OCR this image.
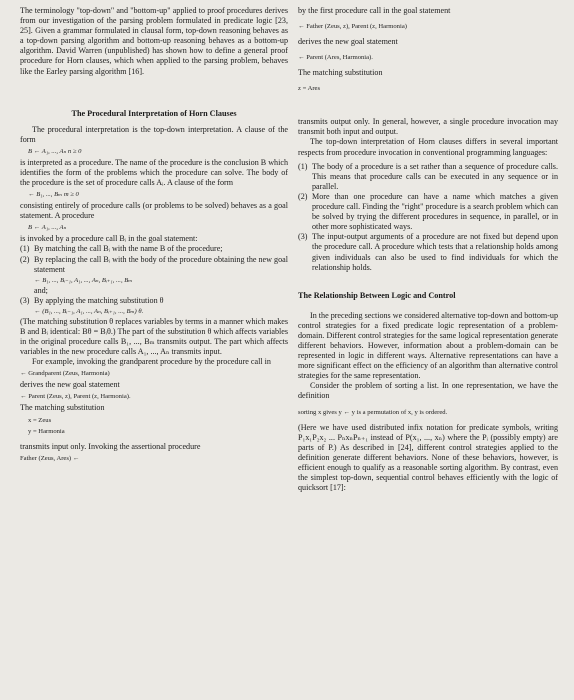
The terminology "top-down" and "bottom-up" applied to proof procedures derives from our investigation of the parsing problem formulated in predicate logic [23, 25]. Given a grammar formulated in clausal form, top-down reasoning behaves as a top-down parsing algorithm and bottom-up reasoning behaves as a bottom-up algorithm. David Warren (unpublished) has shown how to define a general proof procedure for Horn clauses, which when applied to the parsing problem, behaves like the Earley parsing algorithm [16].

The Procedural Interpretation of Horn Clauses

The procedural interpretation is the top-down interpretation. A clause of the form

B ← A₁, ..., Aₙ n ≥ 0

is interpreted as a procedure. The name of the procedure is the conclusion B which identifies the form of the problems which the procedure can solve. The body of the procedure is the set of procedure calls Aᵢ. A clause of the form

← B₁, ..., Bₘ m ≥ 0

consisting entirely of procedure calls (or problems to be solved) behaves as a goal statement. A procedure

B ← A₁, ..., Aₙ

is invoked by a procedure call Bᵢ in the goal statement:

(1) By matching the call Bᵢ with the name B of the procedure;
(2) By replacing the call Bᵢ with the body of the procedure obtaining the new goal statement
← B₁, ..., Bᵢ₋₁, A₁, ..., Aₙ, Bᵢ₊₁, ..., Bₘ
and;
(3) By applying the matching substitution θ
← (B₁, ..., Bᵢ₋₁, A₁, ..., Aₙ, Bᵢ₊₁, ..., Bₘ) θ.

(The matching substitution θ replaces variables by terms in a manner which makes B and Bᵢ identical: Bθ = Bᵢθ.) The part of the substitution θ which affects variables in the original procedure calls B₁, ..., Bₘ transmits output. The part which affects variables in the new procedure calls A₁, ..., Aₙ transmits input.

For example, invoking the grandparent procedure by the procedure call in

← Grandparent (Zeus, Harmonia)

derives the new goal statement

← Parent (Zeus, z), Parent (z, Harmonia).

The matching substitution

x = Zeus
y = Harmonia

transmits input only. Invoking the assertional procedure

Father (Zeus, Ares) ←

by the first procedure call in the goal statement

← Father (Zeus, z), Parent (z, Harmonia)

derives the new goal statement

← Parent (Ares, Harmonia).

The matching substitution

z = Ares

transmits output only. In general, however, a single procedure invocation may transmit both input and output.

The top-down interpretation of Horn clauses differs in several important respects from procedure invocation in conventional programming languages:

(1) The body of a procedure is a set rather than a sequence of procedure calls. This means that procedure calls can be executed in any sequence or in parallel.
(2) More than one procedure can have a name which matches a given procedure call. Finding the "right" procedure is a search problem which can be solved by trying the different procedures in sequence, in parallel, or in other more sophisticated ways.
(3) The input-output arguments of a procedure are not fixed but depend upon the procedure call. A procedure which tests that a relationship holds among given individuals can also be used to find individuals for which the relationship holds.
The Relationship Between Logic and Control

In the preceding sections we considered alternative top-down and bottom-up control strategies for a fixed predicate logic representation of a problem-domain. Different control strategies for the same logical representation generate different behaviors. However, information about a problem-domain can be represented in logic in different ways. Alternative representations can have a more significant effect on the efficiency of an algorithm than alternative control strategies for the same representation.

Consider the problem of sorting a list. In one representation, we have the definition

sorting x gives y ← y is a permutation of x, y is ordered.

(Here we have used distributed infix notation for predicate symbols, writing P₁x₁P₂x₂ ... PₙxₙPₙ₊₁ instead of P(x₁, ..., xₙ) where the Pᵢ (possibly empty) are parts of P.) As described in [24], different control strategies applied to the definition generate different behaviors. None of these behaviors, however, is efficient enough to qualify as a reasonable sorting algorithm. By contrast, even the simplest top-down, sequential control behaves efficiently with the logic of quicksort [17]:
